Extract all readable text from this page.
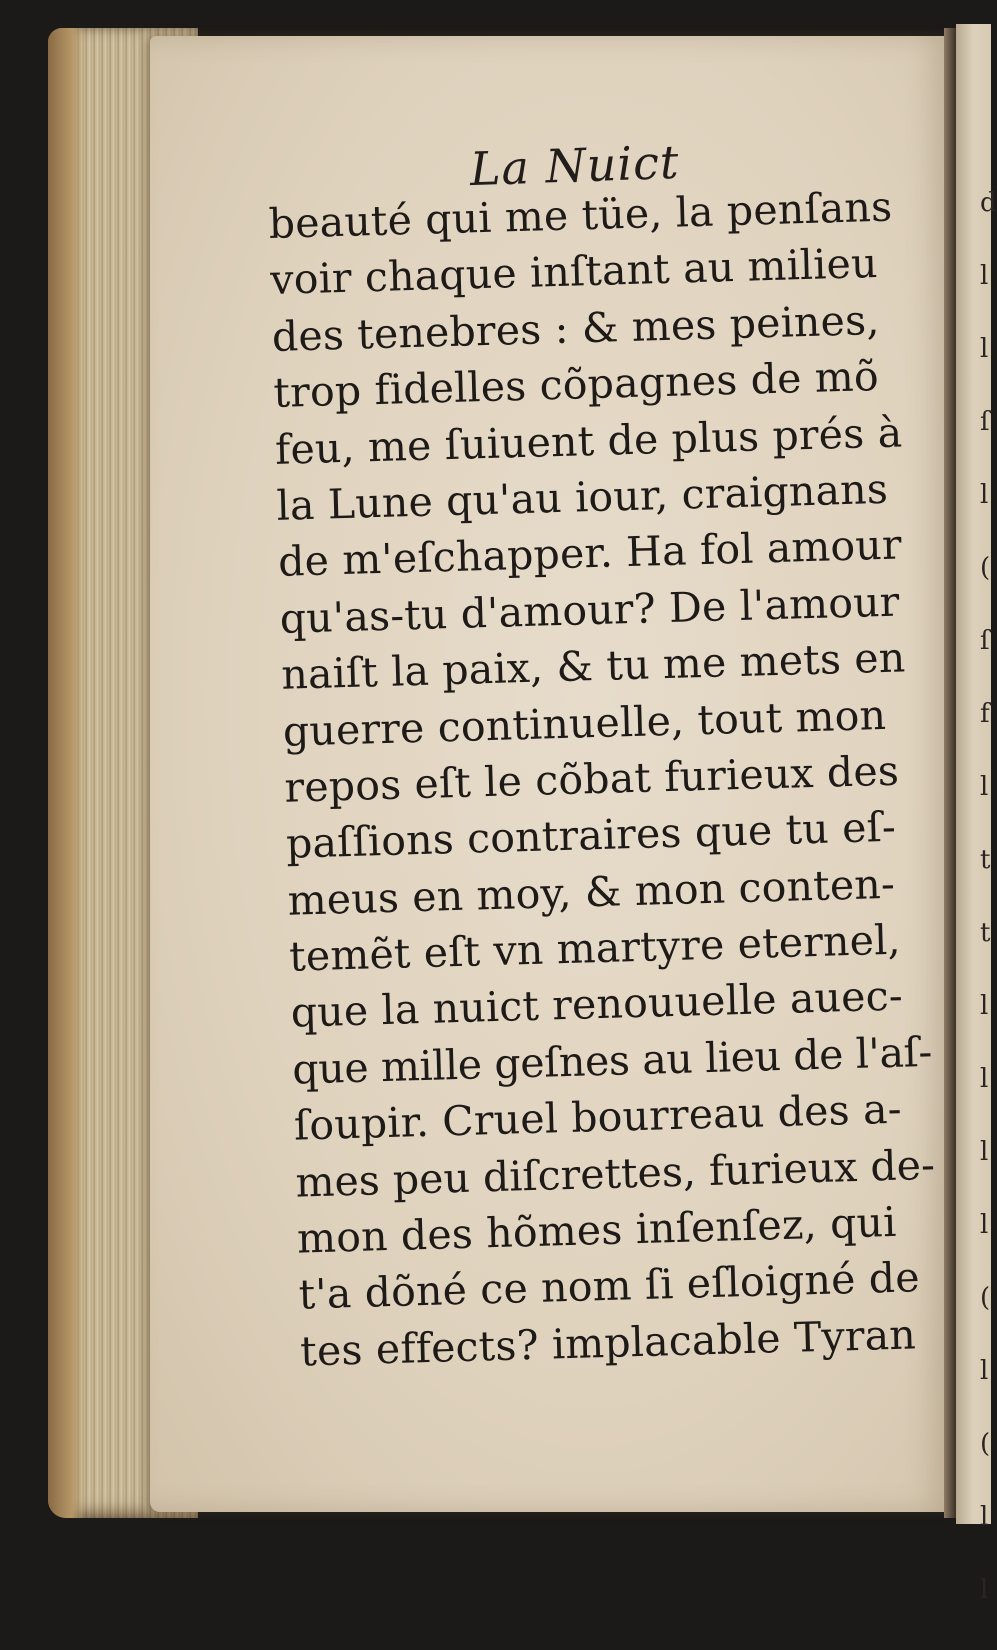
d
l
l
ſ
l
(
ſ
f
l
t
t
l
l
l
l
(
l
(
l
l
La Nuict
beauté qui me tüe, la penſans
voir chaque inſtant au milieu
des tenebres : & mes peines,
trop fidelles cõpagnes de mõ
feu, me ſuiuent de plus prés à
la Lune qu'au iour, craignans
de m'eſchapper. Ha fol amour
qu'as-tu d'amour? De l'amour
naiſt la paix, & tu me mets en
guerre continuelle, tout mon
repos eſt le cõbat furieux des
paſſions contraires que tu eſ-
meus en moy, & mon conten-
temẽt eſt vn martyre eternel,
que la nuict renouuelle auec-
que mille geſnes au lieu de l'aſ-
ſoupir. Cruel bourreau des a-
mes peu diſcrettes, furieux de-
mon des hõmes inſenſez, qui
t'a dõné ce nom ſi eſloigné de
tes effects? implacable Tyran
